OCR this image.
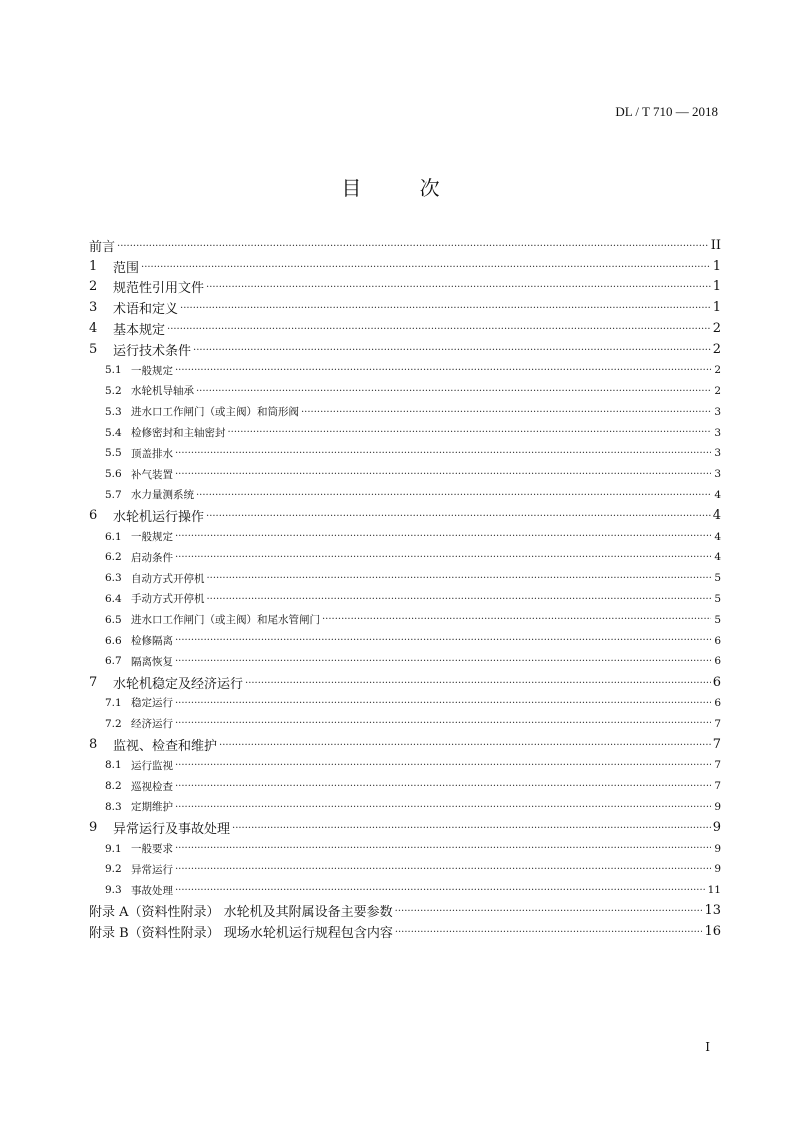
DL / T 710 — 2018
目 次
前言 ·····	II
1	范围 ·····	1
2	规范性引用文件 ·····	1
3	术语和定义 ·····	1
4	基本规定 ·····	2
5	运行技术条件 ·····	2
5.1 一般规定 ·····	2
5.2 水轮机导轴承 ·····	2
5.3 进水口工作闸门（或主阀）和筒形阀 ·····	3
5.4 检修密封和主轴密封 ·····	3
5.5 顶盖排水 ·····	3
5.6 补气装置 ·····	3
5.7 水力量测系统 ·····	4
6	水轮机运行操作 ·····	4
6.1 一般规定 ·····	4
6.2 启动条件 ·····	4
6.3 自动方式开停机 ·····	5
6.4 手动方式开停机 ·····	5
6.5 进水口工作闸门（或主阀）和尾水管闸门 ·····	5
6.6 检修隔离 ·····	6
6.7 隔离恢复 ·····	6
7	水轮机稳定及经济运行 ·····	6
7.1 稳定运行 ·····	6
7.2 经济运行 ·····	7
8	监视、检查和维护 ·····	7
8.1 运行监视 ·····	7
8.2 巡视检查 ·····	7
8.3 定期维护 ·····	9
9	异常运行及事故处理 ·····	9
9.1 一般要求 ·····	9
9.2 异常运行 ·····	9
9.3 事故处理 ·····	11
附录 A（资料性附录） 水轮机及其附属设备主要参数 ·····	13
附录 B（资料性附录） 现场水轮机运行规程包含内容 ·····	16
I
